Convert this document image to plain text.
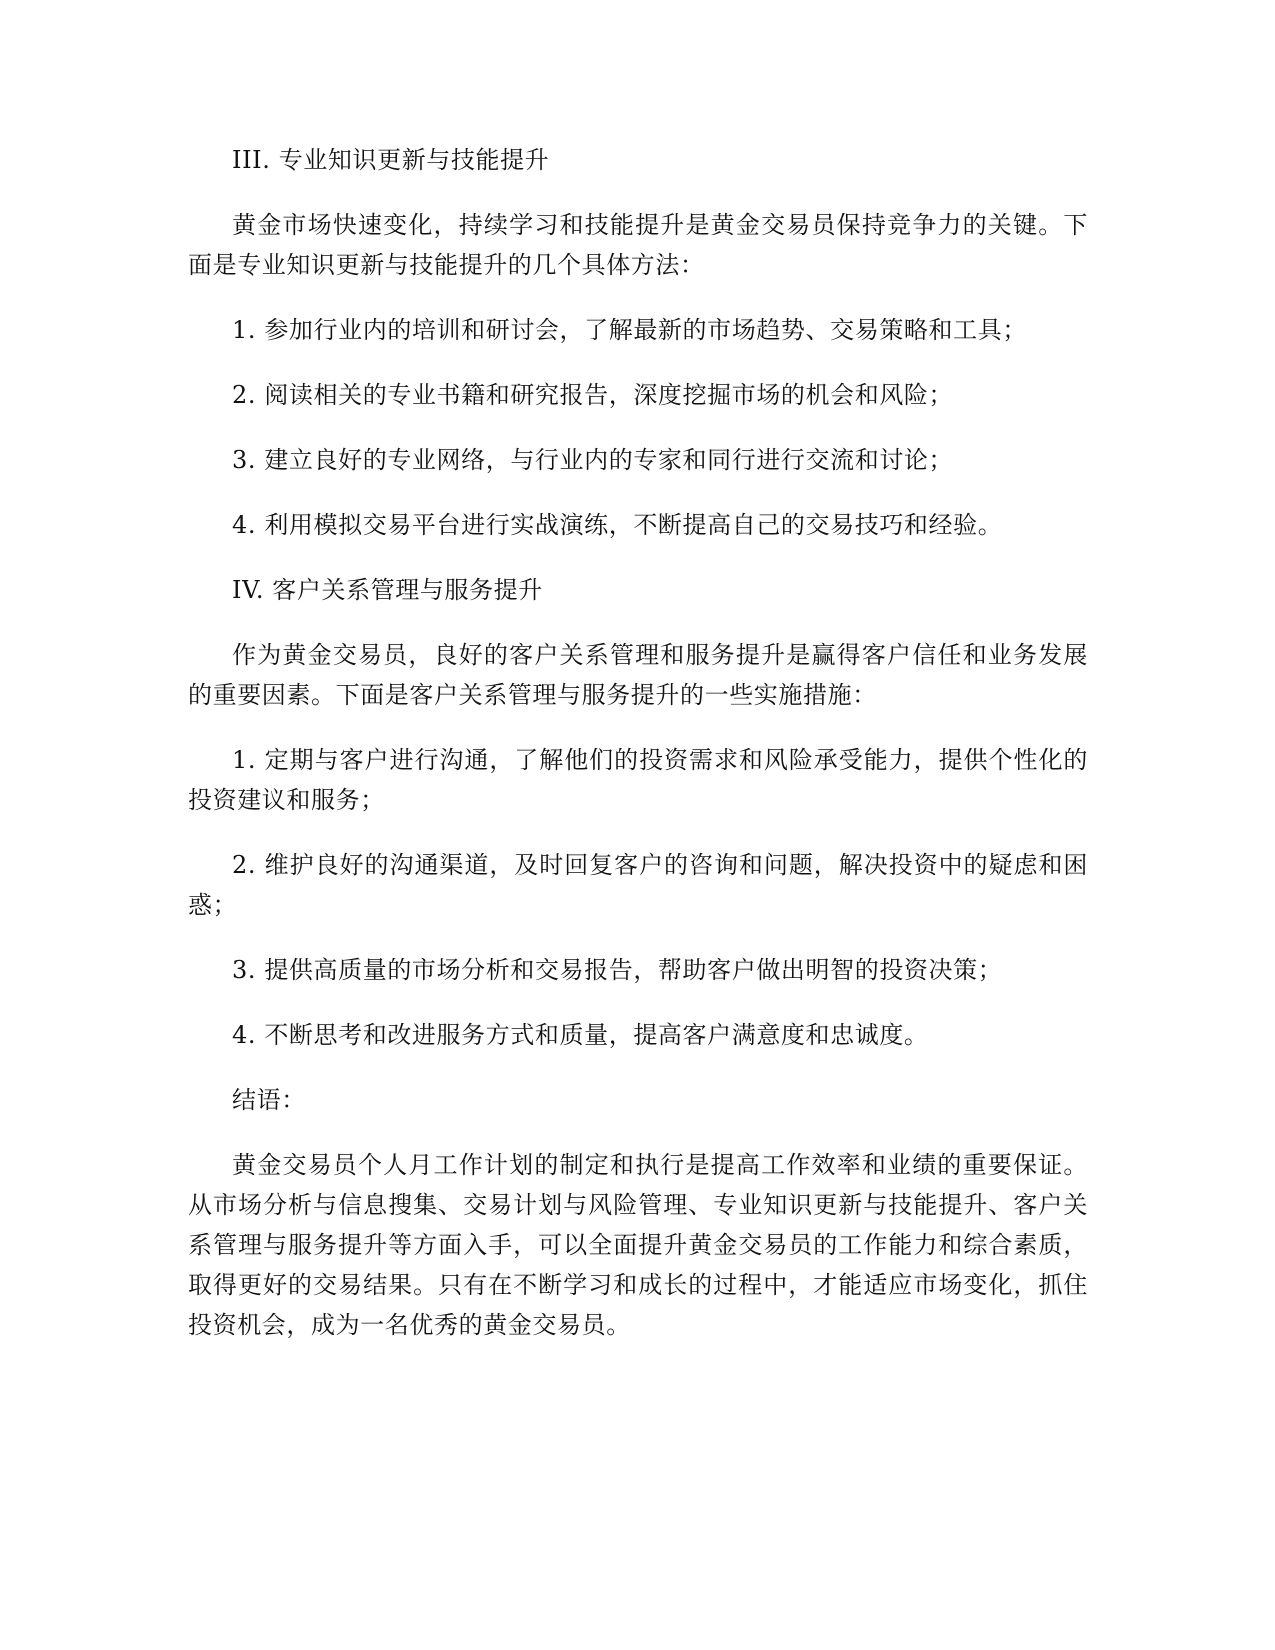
III. 专业知识更新与技能提升

黄金市场快速变化，持续学习和技能提升是黄金交易员保持竞争力的关键。下面是专业知识更新与技能提升的几个具体方法：

1. 参加行业内的培训和研讨会，了解最新的市场趋势、交易策略和工具；

2. 阅读相关的专业书籍和研究报告，深度挖掘市场的机会和风险；

3. 建立良好的专业网络，与行业内的专家和同行进行交流和讨论；

4. 利用模拟交易平台进行实战演练，不断提高自己的交易技巧和经验。

IV. 客户关系管理与服务提升

作为黄金交易员，良好的客户关系管理和服务提升是赢得客户信任和业务发展的重要因素。下面是客户关系管理与服务提升的一些实施措施：

1. 定期与客户进行沟通，了解他们的投资需求和风险承受能力，提供个性化的投资建议和服务；

2. 维护良好的沟通渠道，及时回复客户的咨询和问题，解决投资中的疑虑和困惑；

3. 提供高质量的市场分析和交易报告，帮助客户做出明智的投资决策；

4. 不断思考和改进服务方式和质量，提高客户满意度和忠诚度。

结语：

黄金交易员个人月工作计划的制定和执行是提高工作效率和业绩的重要保证。从市场分析与信息搜集、交易计划与风险管理、专业知识更新与技能提升、客户关系管理与服务提升等方面入手，可以全面提升黄金交易员的工作能力和综合素质，取得更好的交易结果。只有在不断学习和成长的过程中，才能适应市场变化，抓住投资机会，成为一名优秀的黄金交易员。
